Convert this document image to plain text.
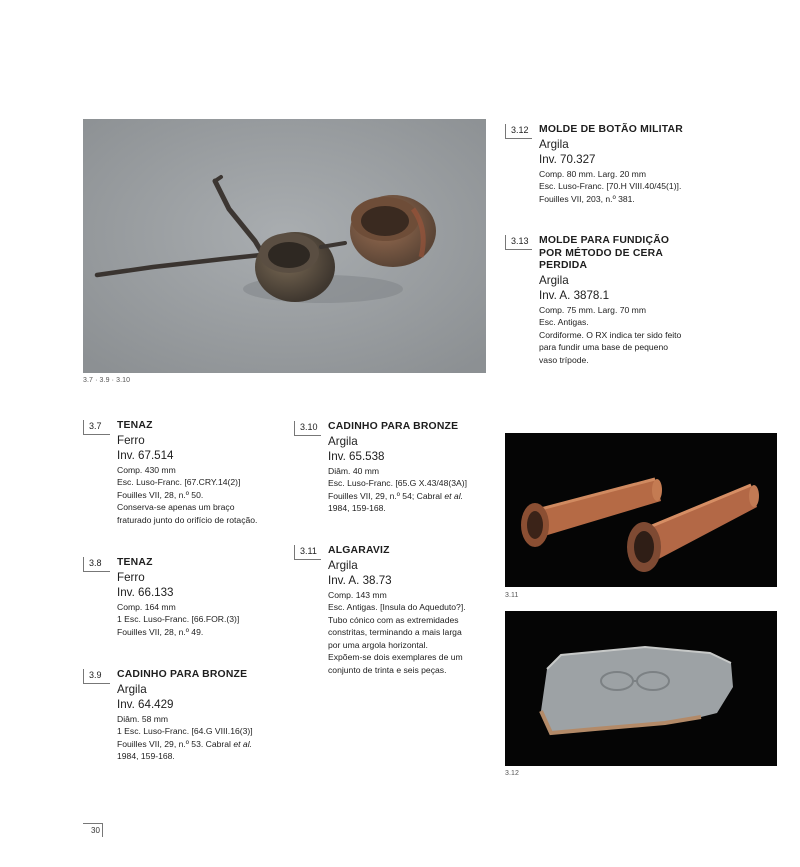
3.7 · 3.9 · 3.10
3.11
3.12
3.7	TENAZ

Ferro

Inv. 67.514

Comp. 430 mm

Esc. Luso-Franc. [67.CRY.14(2)]

Fouilles VII, 28, n.º 50.

Conserva-se apenas um braço

fraturado junto do orifício de rotação.

3.8	TENAZ

Ferro

Inv. 66.133

Comp. 164 mm

1 Esc. Luso-Franc. [66.FOR.(3)]

Fouilles VII, 28, n.º 49.

3.9	CADINHO PARA BRONZE

Argila

Inv. 64.429

Diâm. 58 mm

1 Esc. Luso-Franc. [64.G VIII.16(3)]

Fouilles VII, 29, n.º 53. Cabral et al.

1984, 159-168.

3.10	CADINHO PARA BRONZE

Argila

Inv. 65.538

Diâm. 40 mm

Esc. Luso-Franc. [65.G X.43/48(3A)]

Fouilles VII, 29, n.º 54; Cabral et al.

1984, 159-168.

3.11	ALGARAVIZ

Argila

Inv. A. 38.73

Comp. 143 mm

Esc. Antigas. [Insula do Aqueduto?].

Tubo cónico com as extremidades

constritas, terminando a mais larga

por uma argola horizontal.

Expõem-se dois exemplares de um

conjunto de trinta e seis peças.

3.12	MOLDE DE BOTÃO MILITAR

Argila

Inv. 70.327

Comp. 80 mm. Larg. 20 mm

Esc. Luso-Franc. [70.H VIII.40/45(1)].

Fouilles VII, 203, n.º 381.

3.13	MOLDE PARA FUNDIÇÃO

POR MÉTODO DE CERA

PERDIDA

Argila

Inv. A. 3878.1

Comp. 75 mm. Larg. 70 mm

Esc. Antigas.

Cordiforme. O RX indica ter sido feito

para fundir uma base de pequeno

vaso trípode.

30
